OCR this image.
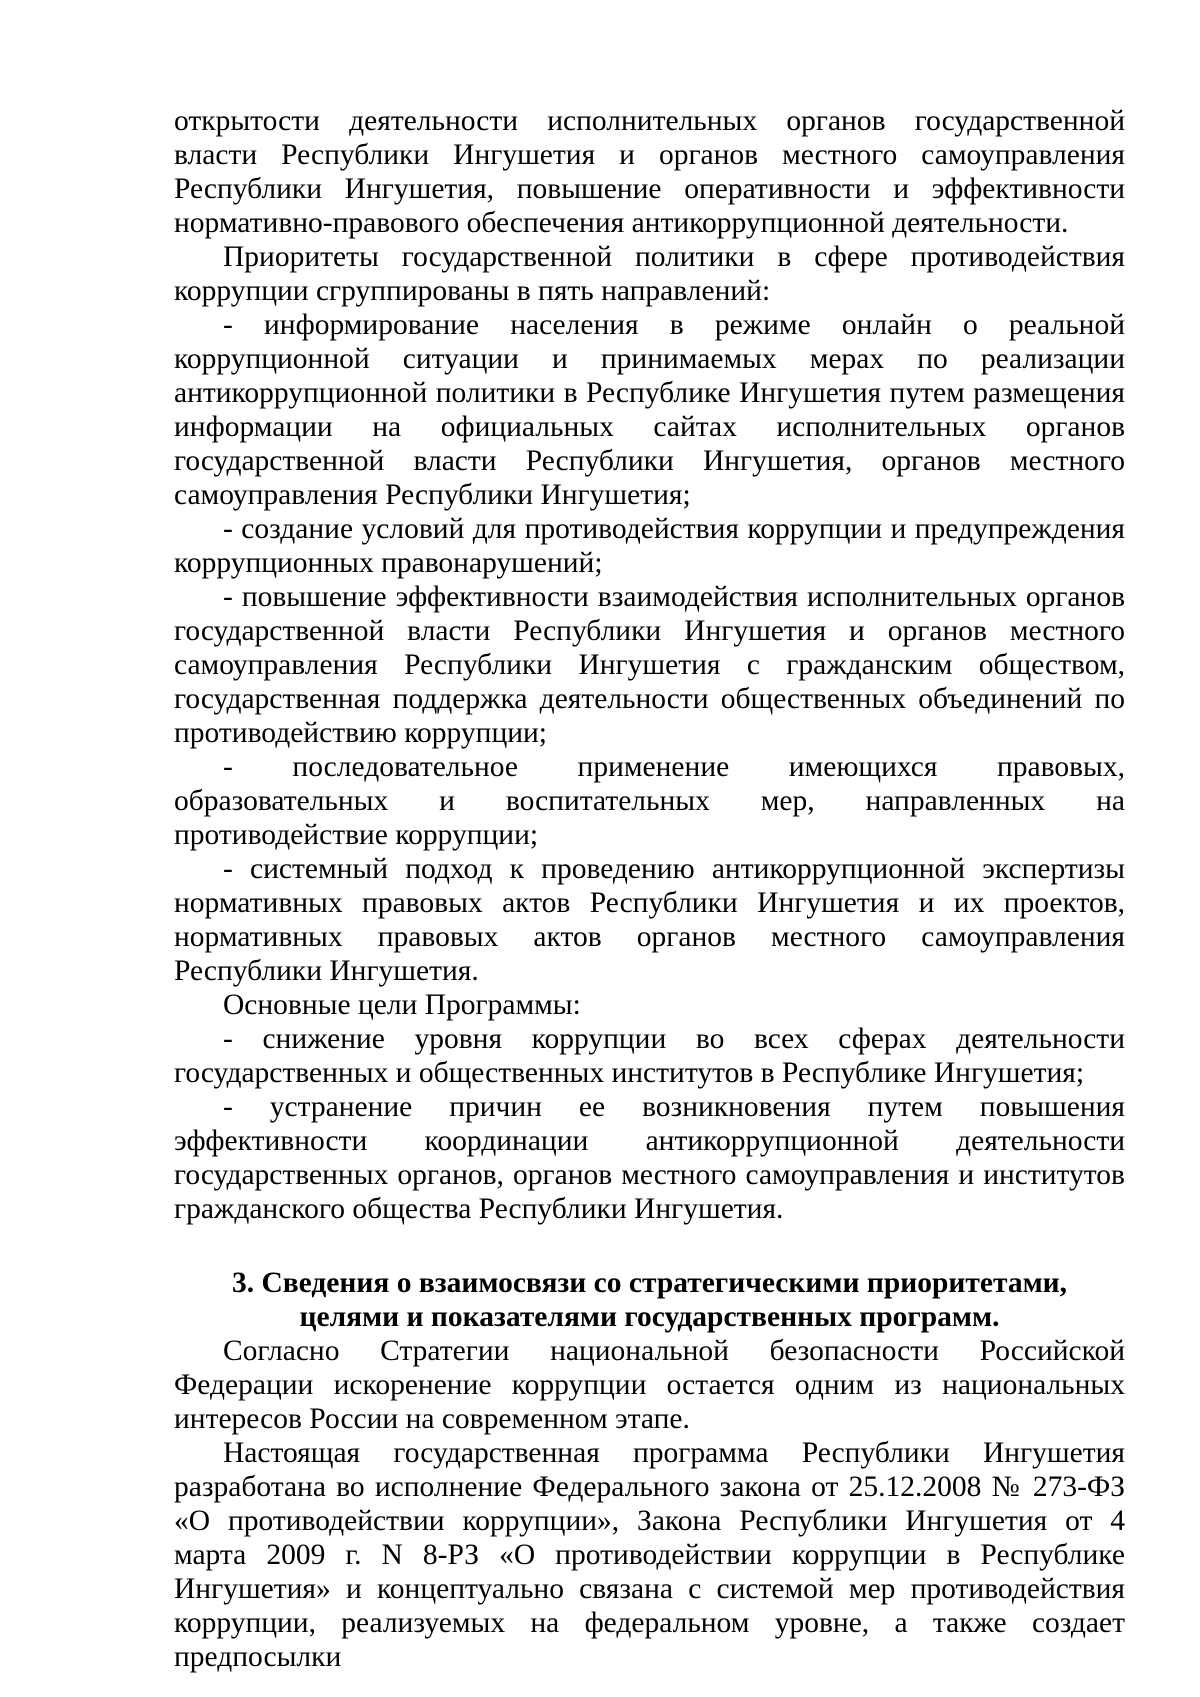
открытости деятельности исполнительных органов государственной власти Республики Ингушетия и органов местного самоуправления Республики Ингушетия, повышение оперативности и эффективности нормативно-правового обеспечения антикоррупционной деятельности.

Приоритеты государственной политики в сфере противодействия коррупции сгруппированы в пять направлений:

- информирование населения в режиме онлайн о реальной коррупционной ситуации и принимаемых мерах по реализации антикоррупционной политики в Республике Ингушетия путем размещения информации на официальных сайтах исполнительных органов государственной власти Республики Ингушетия, органов местного самоуправления Республики Ингушетия;

- создание условий для противодействия коррупции и предупреждения коррупционных правонарушений;

- повышение эффективности взаимодействия исполнительных органов государственной власти Республики Ингушетия и органов местного самоуправления Республики Ингушетия с гражданским обществом, государственная поддержка деятельности общественных объединений по противодействию коррупции;

- последовательное применение имеющихся правовых, образовательных и воспитательных мер, направленных на противодействие коррупции;

- системный подход к проведению антикоррупционной экспертизы нормативных правовых актов Республики Ингушетия и их проектов, нормативных правовых актов органов местного самоуправления Республики Ингушетия.

Основные цели Программы:

- снижение уровня коррупции во всех сферах деятельности государственных и общественных институтов в Республике Ингушетия;

- устранение причин ее возникновения путем повышения эффективности координации антикоррупционной деятельности государственных органов, органов местного самоуправления и институтов гражданского общества Республики Ингушетия.

3. Сведения о взаимосвязи со стратегическими приоритетами,
целями и показателями государственных программ.

Согласно Стратегии национальной безопасности Российской Федерации искоренение коррупции остается одним из национальных интересов России на современном этапе.

Настоящая государственная программа Республики Ингушетия разработана во исполнение Федерального закона от 25.12.2008 № 273-ФЗ «О противодействии коррупции», Закона Республики Ингушетия от 4 марта 2009 г. N 8-РЗ «О противодействии коррупции в Республике Ингушетия» и концептуально связана с системой мер противодействия коррупции, реализуемых на федеральном уровне, а также создает предпосылки
